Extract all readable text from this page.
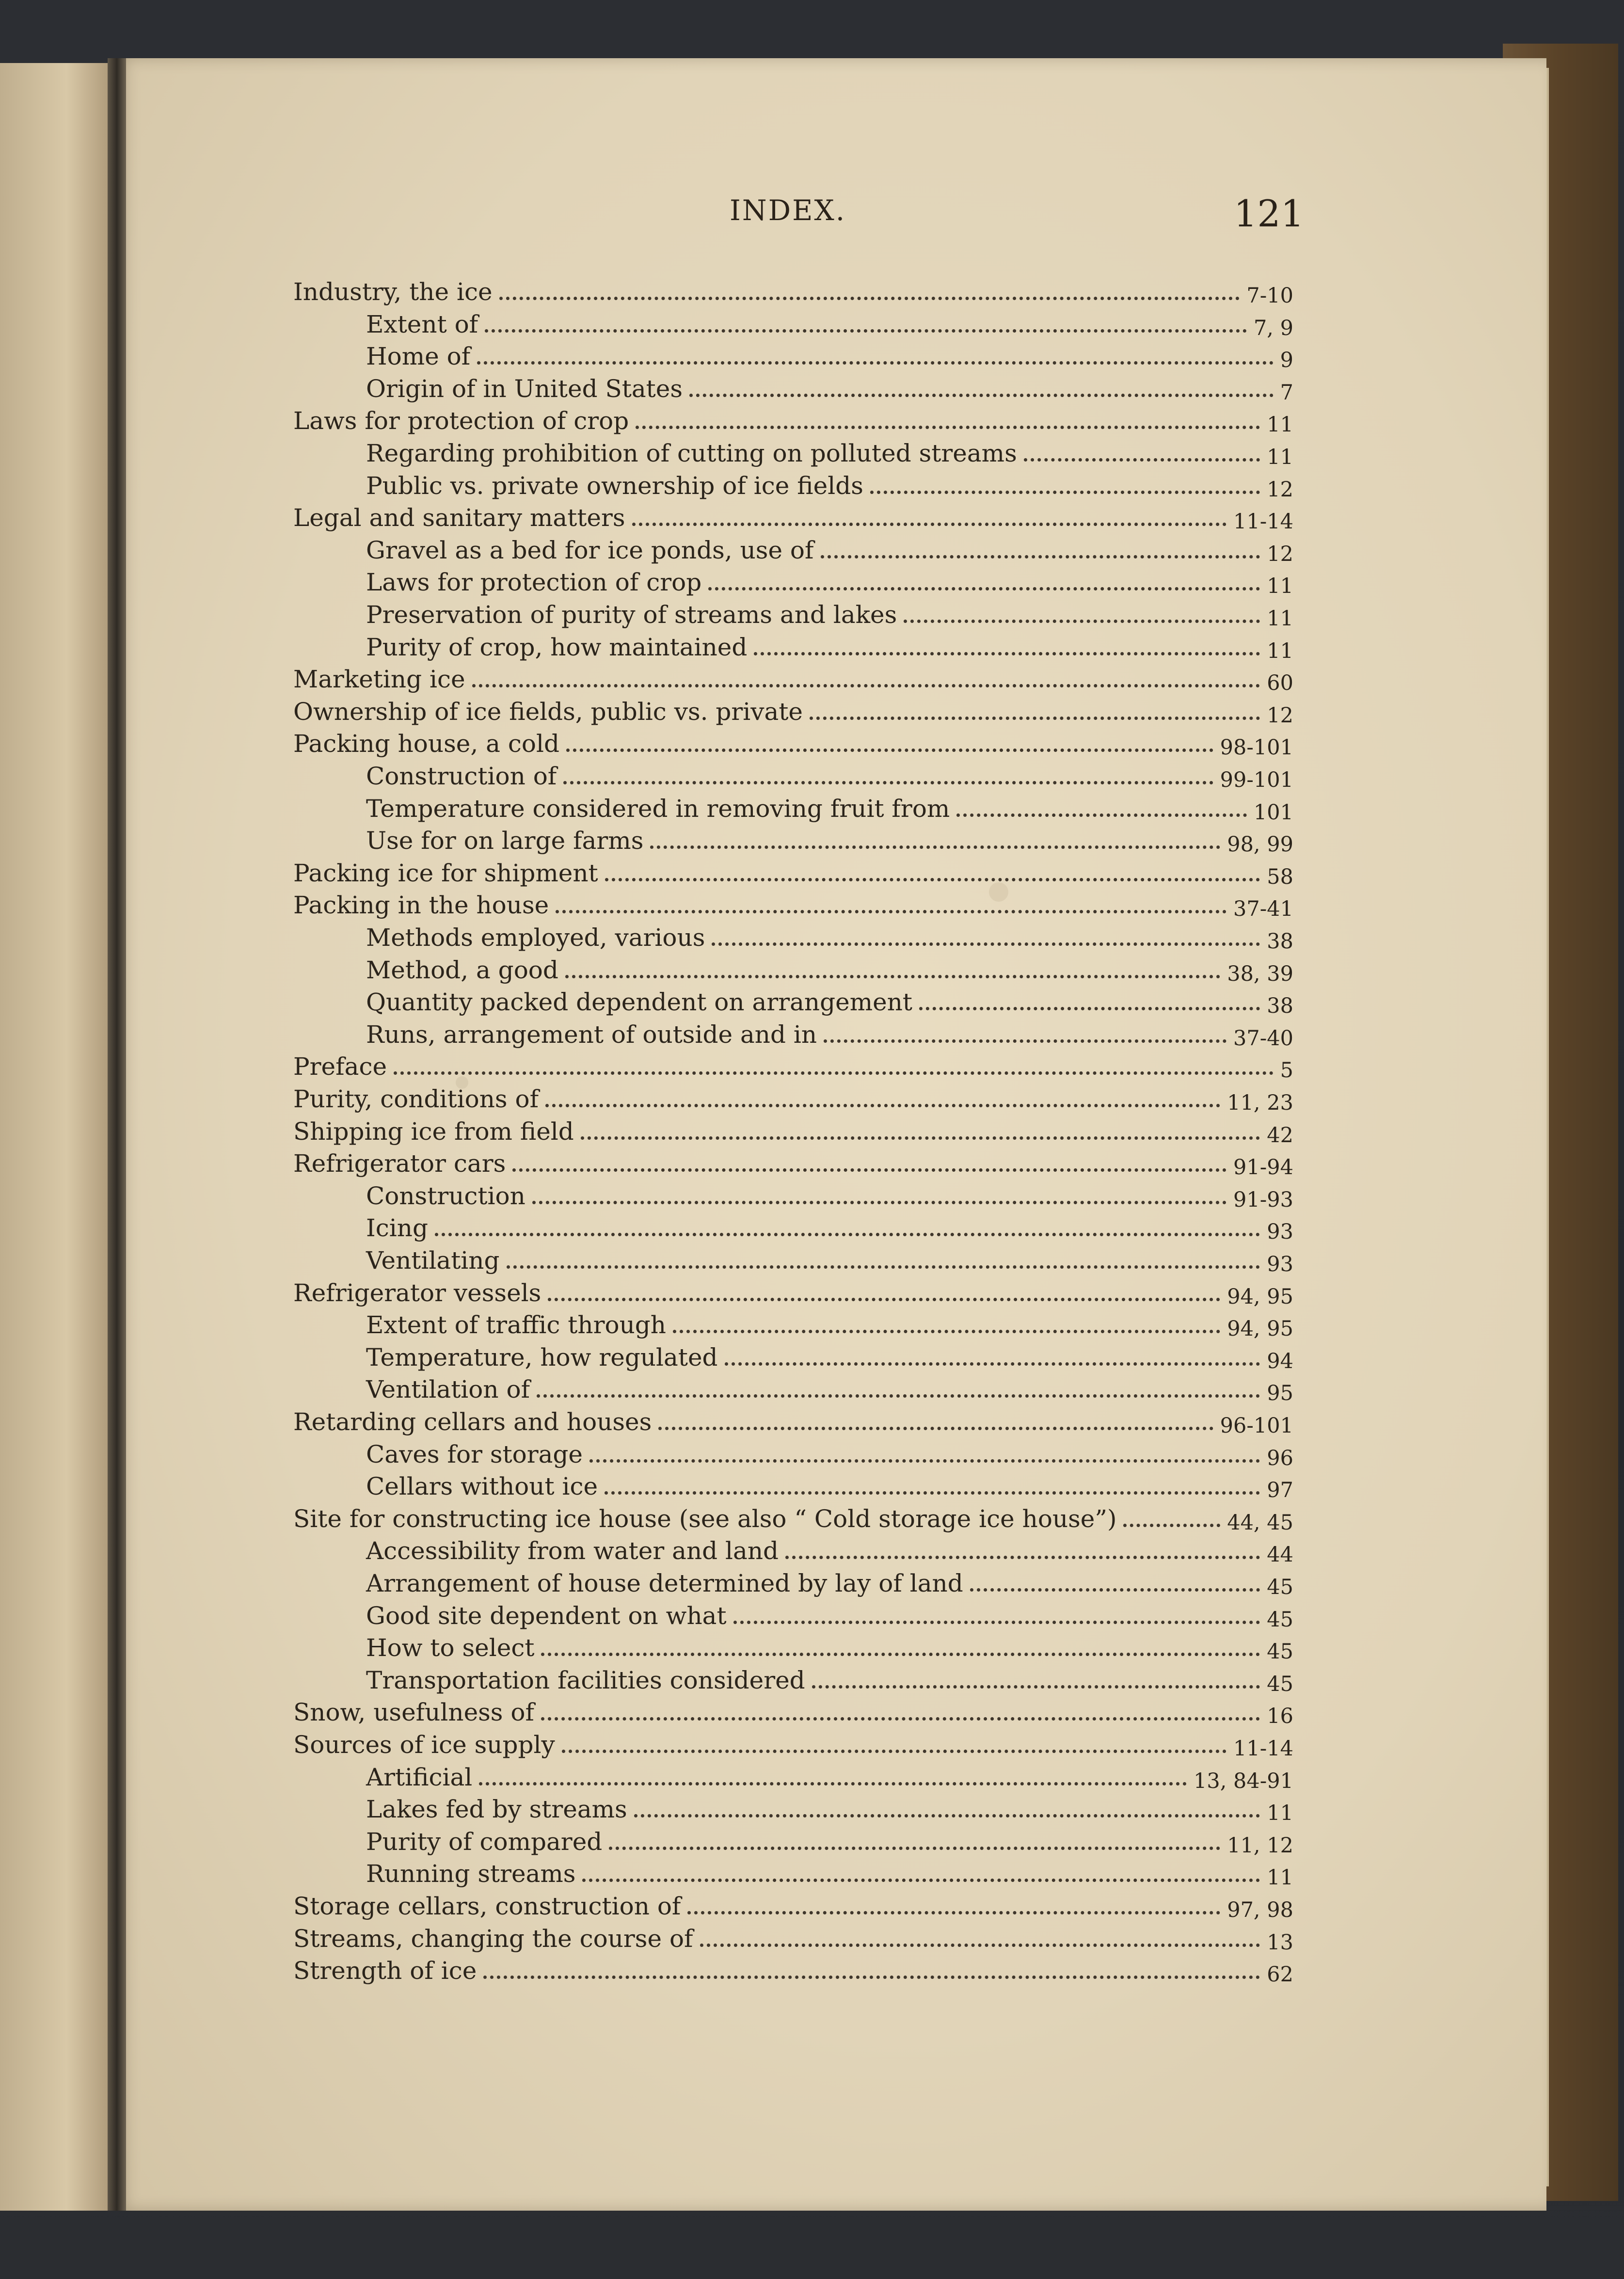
INDEX.	121
Industry, the ice	7-10
Extent of	7, 9
Home of	9
Origin of in United States	7
Laws for protection of crop	11
Regarding prohibition of cutting on polluted streams	11
Public vs. private ownership of ice fields	12
Legal and sanitary matters	11-14
Gravel as a bed for ice ponds, use of	12
Laws for protection of crop	11
Preservation of purity of streams and lakes	11
Purity of crop, how maintained	11
Marketing ice	60
Ownership of ice fields, public vs. private	12
Packing house, a cold	98-101
Construction of	99-101
Temperature considered in removing fruit from	101
Use for on large farms	98, 99
Packing ice for shipment	58
Packing in the house	37-41
Methods employed, various	38
Method, a good	38, 39
Quantity packed dependent on arrangement	38
Runs, arrangement of outside and in	37-40
Preface	5
Purity, conditions of	11, 23
Shipping ice from field	42
Refrigerator cars	91-94
Construction	91-93
Icing	93
Ventilating	93
Refrigerator vessels	94, 95
Extent of traffic through	94, 95
Temperature, how regulated	94
Ventilation of	95
Retarding cellars and houses	96-101
Caves for storage	96
Cellars without ice	97
Site for constructing ice house (see also “ Cold storage ice house”)	44, 45
Accessibility from water and land	44
Arrangement of house determined by lay of land	45
Good site dependent on what	45
How to select	45
Transportation facilities considered	45
Snow, usefulness of	16
Sources of ice supply	11-14
Artificial	13, 84-91
Lakes fed by streams	11
Purity of compared	11, 12
Running streams	11
Storage cellars, construction of	97, 98
Streams, changing the course of	13
Strength of ice	62
